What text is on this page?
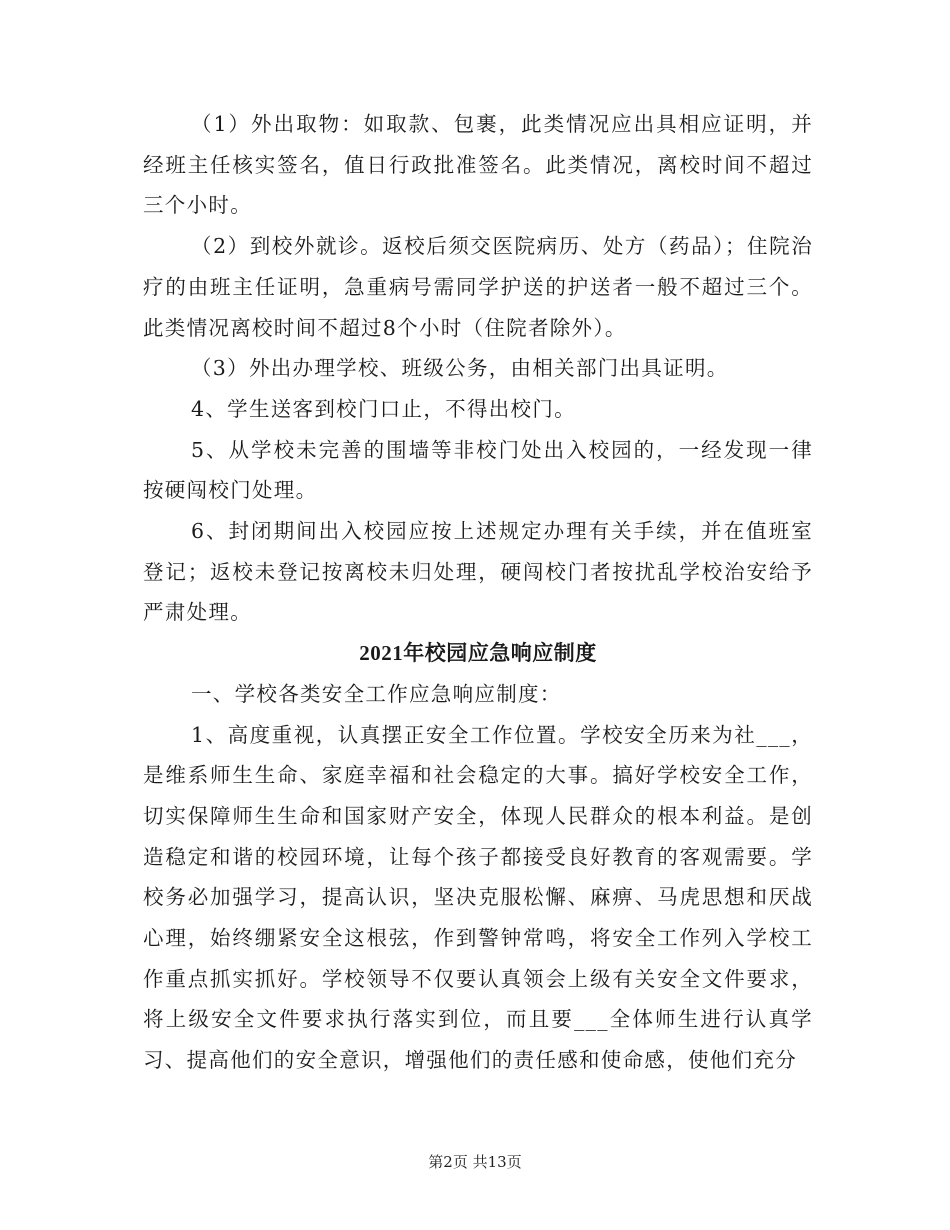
（1）外出取物：如取款、包裹，此类情况应出具相应证明，并经班主任核实签名，值日行政批准签名。此类情况，离校时间不超过三个小时。

（2）到校外就诊。返校后须交医院病历、处方（药品）；住院治疗的由班主任证明，急重病号需同学护送的护送者一般不超过三个。此类情况离校时间不超过8个小时（住院者除外）。

（3）外出办理学校、班级公务，由相关部门出具证明。

4、学生送客到校门口止，不得出校门。

5、从学校未完善的围墙等非校门处出入校园的，一经发现一律按硬闯校门处理。

6、封闭期间出入校园应按上述规定办理有关手续，并在值班室登记；返校未登记按离校未归处理，硬闯校门者按扰乱学校治安给予严肃处理。

2021年校园应急响应制度

一、学校各类安全工作应急响应制度：

1、高度重视，认真摆正安全工作位置。学校安全历来为社___，是维系师生生命、家庭幸福和社会稳定的大事。搞好学校安全工作，切实保障师生生命和国家财产安全，体现人民群众的根本利益。是创造稳定和谐的校园环境，让每个孩子都接受良好教育的客观需要。学校务必加强学习，提高认识，坚决克服松懈、麻痹、马虎思想和厌战心理，始终绷紧安全这根弦，作到警钟常鸣，将安全工作列入学校工作重点抓实抓好。学校领导不仅要认真领会上级有关安全文件要求，将上级安全文件要求执行落实到位，而且要___全体师生进行认真学习、提高他们的安全意识，增强他们的责任感和使命感，使他们充分

第2页 共13页
